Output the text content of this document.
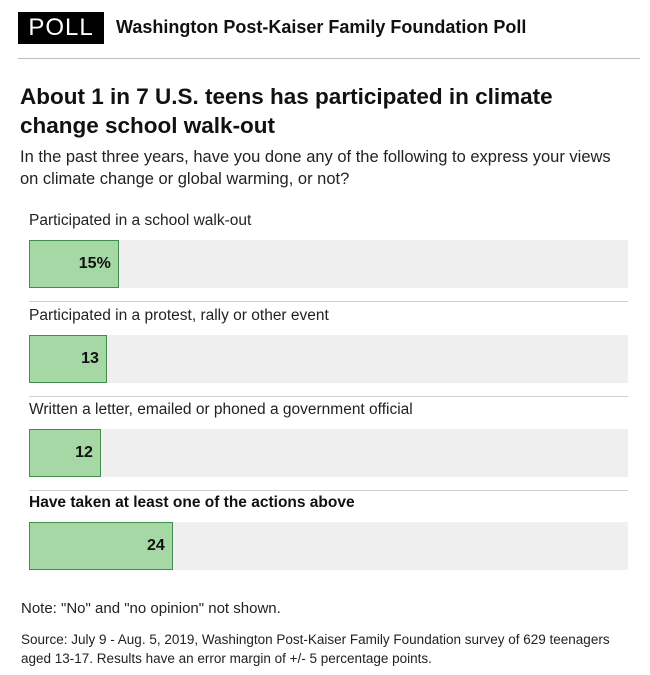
POLL	Washington Post-Kaiser Family Foundation Poll
About 1 in 7 U.S. teens has participated in climate change school walk-out
In the past three years, have you done any of the following to express your views on climate change or global warming, or not?
Participated in a school walk-out
15%
Participated in a protest, rally or other event
13
Written a letter, emailed or phoned a government official
12
Have taken at least one of the actions above
24
Note: "No" and "no opinion" not shown.
Source: July 9 - Aug. 5, 2019, Washington Post-Kaiser Family Foundation survey of 629 teenagers aged 13-17. Results have an error margin of +/- 5 percentage points.
